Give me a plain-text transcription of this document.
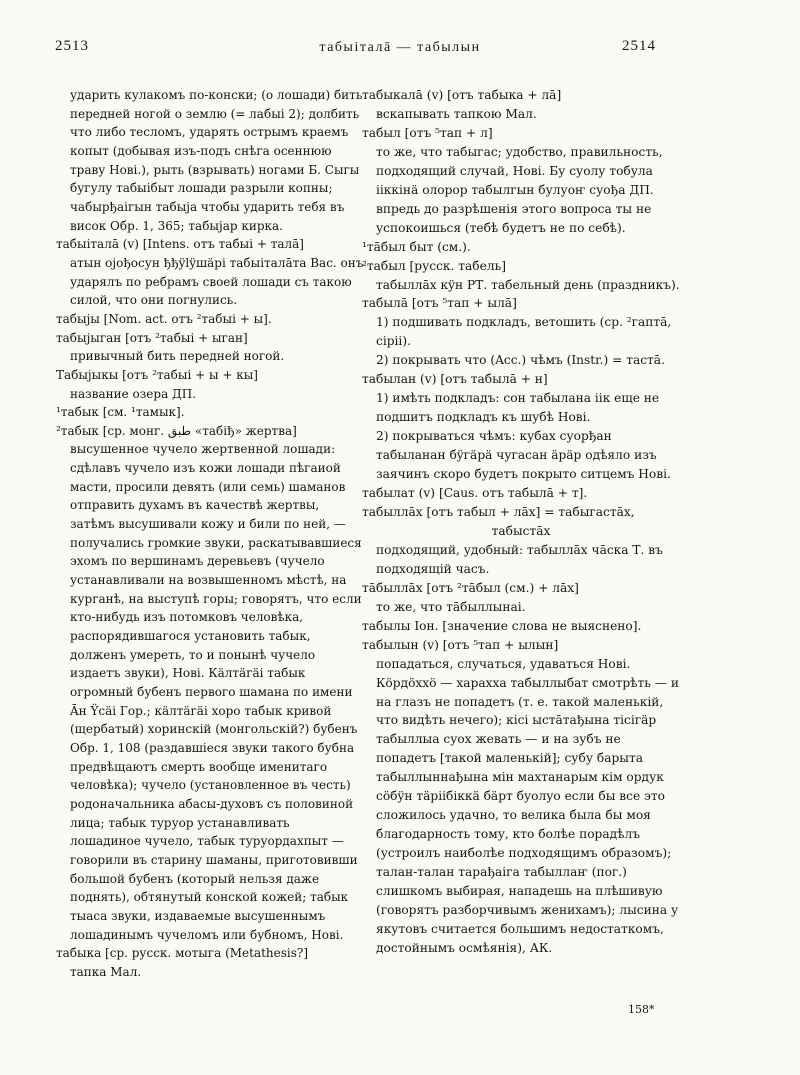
2513	табыiталā — табылын	2514

ударить кулакомъ по-конски; (о лошади) бить передней ногой о землю (= лабыi 2); долбить что либо тесломъ, ударять острымъ краемъ копыт (добывая изъ-подъ снѣга осеннюю траву Нові.), рыть (взрывать) ногами Б. Сыгы бугулу табыiбыт лошади разрыли копны; чабырђаiгын табыjа чтобы ударить тебя въ висок Обр. 1, 365; табыjар кирка.

табыiталā (v) [Intens. отъ табыi + талā]

атын ojођосун ђђÿlÿшäрi табыiталāта Вас. онъ ударялъ по ребрамъ своей лошади съ такою силой, что они погнулись.

табыjы [Nom. act. отъ ²табыi + ы].

табыjыган [отъ ²табыi + ыган]

привычный бить передней ногой.

Табыjыкы [отъ ²табыi + ы + кы]

название озера ДП.

¹табык [см. ¹тамык].

²табык [ср. монг. طبق «табiђ» жертва]

высушенное чучело жертвенной лошади: сдѣлавъ чучело изъ кожи лошади пѣгаиой масти, просили девять (или семь) шаманов отправить духамъ въ качествѣ жертвы, затѣмъ высушивали кожу и били по ней, — получались громкие звуки, раскатывавшиеся эхомъ по вершинамъ деревьевъ (чучело устанавливали на возвышенномъ мѣстѣ, на курганѣ, на выступѣ горы; говорятъ, что если кто-нибудь изъ потомковъ человѣка, распорядившагося установить табык, долженъ умереть, то и понынѣ чучело издаетъ звуки), Нові. Кäлтäгäi табык огромный бубенъ первого шамана по имени Āн Ÿсäi Гор.; кäлтäгäi хоро табык кривой (щербатый) хоринскiй (монгольскiй?) бубенъ Обр. 1, 108 (раздавшiеся звуки такого бубна предвѣщаютъ смерть вообще именитаго человѣка); чучело (установленное въ честь) родоначальника абасы-духовъ съ половиной лица; табык туруор устанавливать лошадиное чучело, табык туруордахпыт — говорили въ старину шаманы, приготовивши большой бубенъ (который нельзя даже поднять), обтянутый конской кожей; табык тыаса звуки, издаваемые высушеннымъ лошадинымъ чучеломъ или бубномъ, Нові.

табыка [ср. русск. мотыга (Metathesis?]

тапка Мал.

табыкалā (v) [отъ табыка + лā]

вскапывать тапкою Мал.

табыл [отъ ⁵тап + л]

то же, что табыгас; удобство, правильность, подходящий случай, Нові. Бу суолу тобула iiккiнä олорор табылгын булуоҥ суођа ДП. впредь до разрѣшенія этого вопроса ты не успокоишься (тебѣ будетъ не по себѣ).

¹тāбыл быт (см.).

²табыл [русск. табель]

табыллāх кÿн РТ. табельный день (праздникъ).

табылā [отъ ⁵тап + ылā]

1) подшивать подкладъ, ветошить (ср. ²гаптā, сiрii).

2) покрывать что (Acc.) чѣмъ (Instr.) = тастā.

табылан (v) [отъ табылā + н]

1) имѣть подкладъ: сон табылана iiк еще не подшитъ подкладъ къ шубѣ Нові.

2) покрываться чѣмъ: кубах суорђан табыланан бÿгäрä чугасан äрäр одѣяло изъ заячинъ скоро будетъ покрыто ситцемъ Нові.

табылат (v) [Caus. отъ табылā + т].

табыллāх [отъ табыл + лāх] = табыгастāх,

табыстāх

подходящий, удобный: табыллāх чāска Т. въ подходящiй часъ.

тāбыллāх [отъ ²тāбыл (см.) + лāх]

то же, что тāбыллынаi.

табылы Іон. [значение слова не выяснено].

табылын (v) [отъ ⁵тап + ылын]

попадаться, случаться, удаваться Нові. Кöрдöххö — харахха табыллыбат смотрѣть — и на глазъ не попадетъ (т. е. такой маленькiй, что видѣть нечего); кiсi ыстāтађына тiсiгäр табыллыа суох жевать — и на зубъ не попадетъ [такой маленькiй]; субу барыта табыллыннађына мiн махтанарым кiм ордук сöбÿн тäрiiбiккä бäрт буолуо если бы все это сложилось удачно, то велика была бы моя благодарность тому, кто болѣе порадѣлъ (устроилъ наиболѣе подходящимъ образомъ); талан-талан тарађаiга табыллаҥ (пог.) слишкомъ выбирая, нападешь на плѣшивую (говорятъ разборчивымъ женихамъ); лысина у якутовъ считается большимъ недостаткомъ, достойнымъ осмѣянія), АК.

158*
